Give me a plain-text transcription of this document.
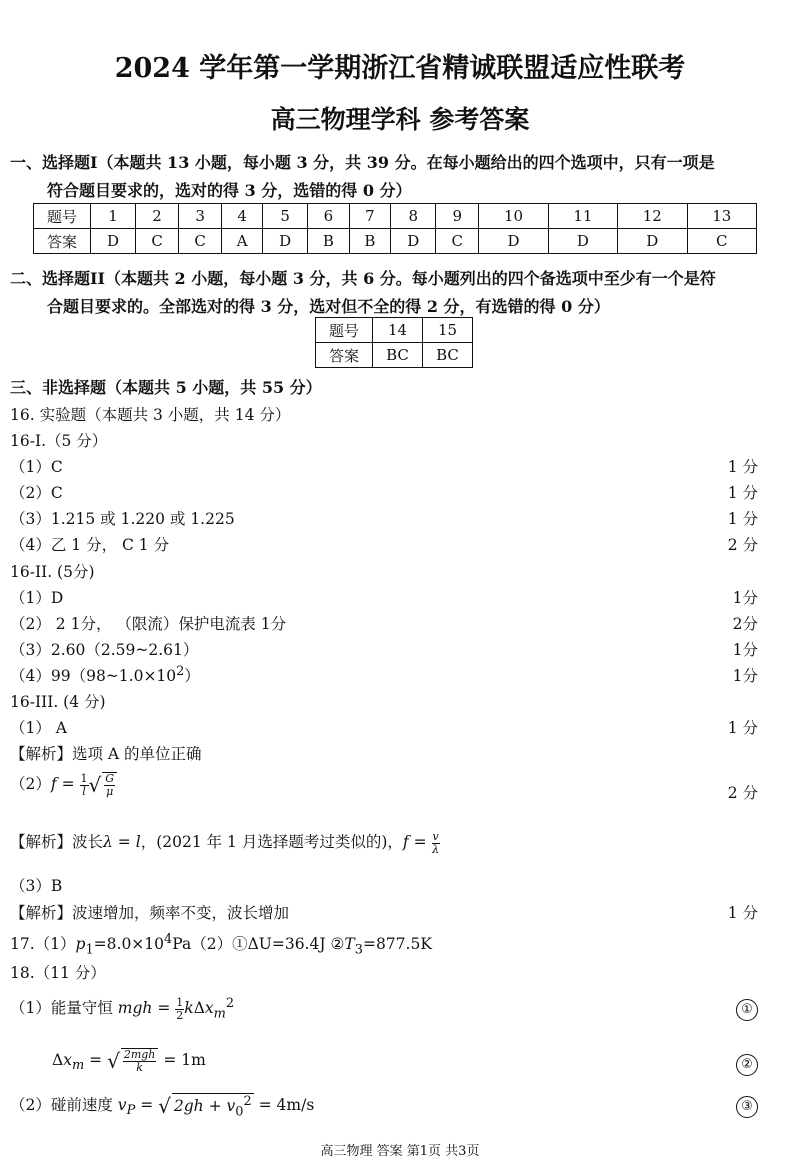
2024 学年第一学期浙江省精诚联盟适应性联考
高三物理学科 参考答案
一、选择题I（本题共 13 小题，每小题 3 分，共 39 分。在每小题给出的四个选项中，只有一项是
符合题目要求的，选对的得 3 分，选错的得 0 分）
题号	1	2	3	4	5	6	7	8	9	10	11	12	13
答案	D	C	C	A	D	B	B	D	C	D	D	D	C
二、选择题II（本题共 2 小题，每小题 3 分，共 6 分。每小题列出的四个备选项中至少有一个是符
合题目要求的。全部选对的得 3 分，选对但不全的得 2 分，有选错的得 0 分）
题号	14	15
答案	BC	BC
三、非选择题（本题共 5 小题，共 55 分）
16. 实验题（本题共 3 小题，共 14 分）
16-I.（5 分）
（1）C	1 分
（2）C	1 分
（3）1.215 或 1.220 或 1.225	1 分
（4）乙 1 分， C 1 分	2 分
16-II. (5分)
（1）D	1分
（2） 2 1分， （限流）保护电流表 1分	2分
（3）2.60（2.59~2.61）	1分
$(4)99(98\sim 1.0\times 10^2)$	1分
16-III. (4 分)
（1） A	1 分
【解析】选项 A 的单位正确
$(2)f = \frac{1}{l}$ √ $\frac{G}{\mu}$	2 分
【解析】波长λ = l，(2021 年 1 月选择题考过类似的)，$f = \frac{v}{\lambda}$
（3）B
【解析】波速增加，频率不变，波长增加	1 分
$17.(1)p_1=8.0\times 10^4Pa(2)①\Delta U=36.4J$ $②T_3=877.5K$
18.（11 分）
（1）能量守恒 mgh = $\frac{1}{2} k\Delta x_m^2$	①
$\Delta x_m$ = √ $\frac{\text{2mgh}}{k} = 1m$	②
（2）碰前速度 $v_P$ = √ $2gh + v_0^2 = 4m/s$	③
高三物理 答案 第1页 共3页
